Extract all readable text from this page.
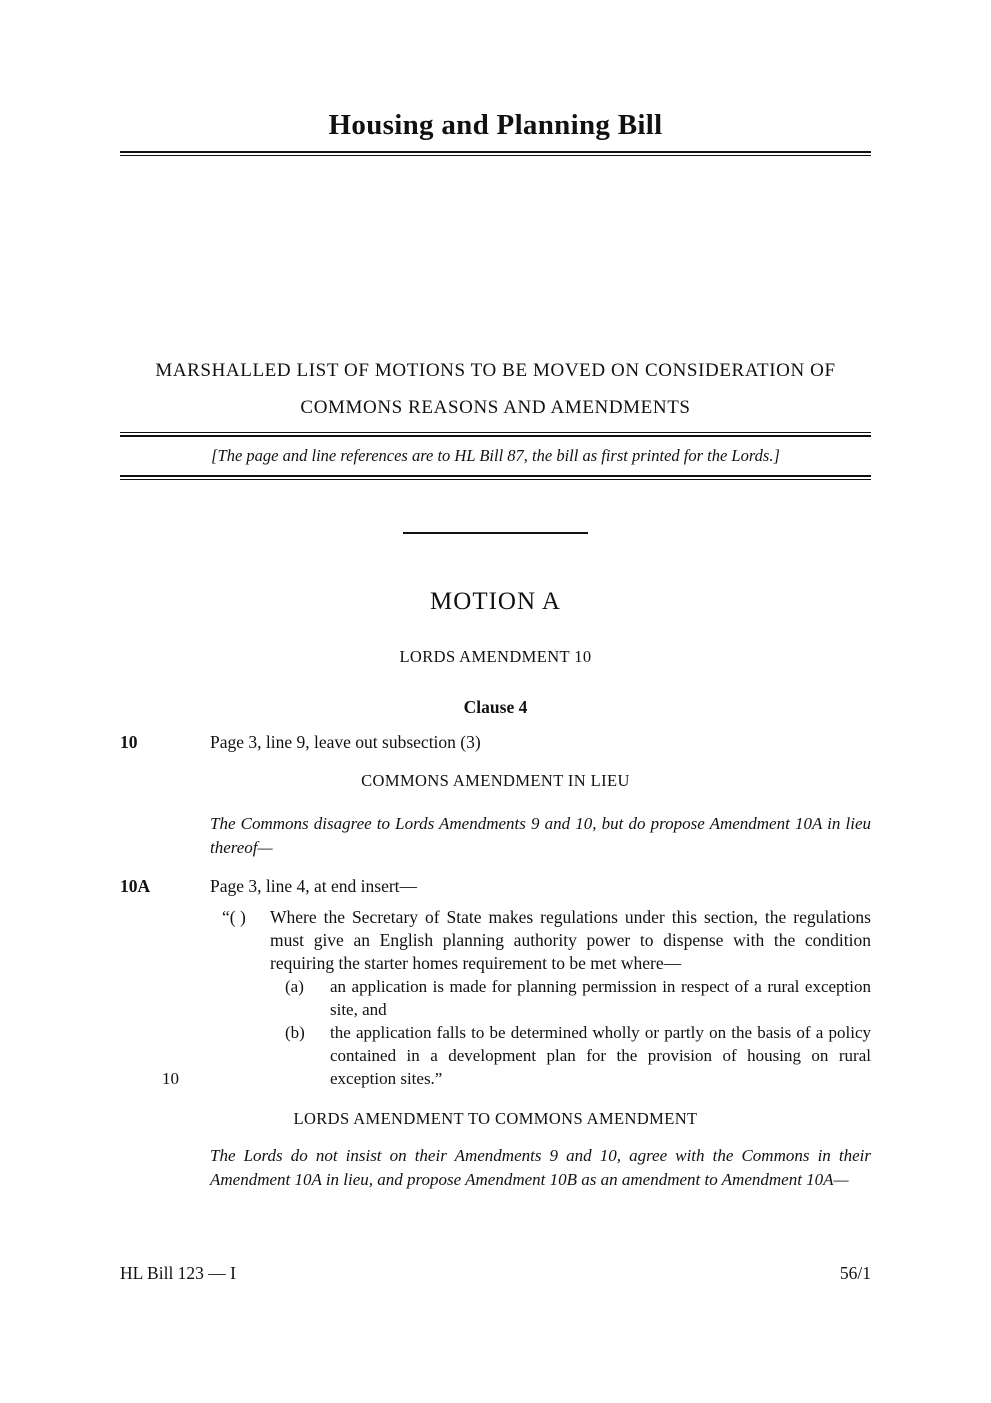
Housing and Planning Bill
MARSHALLED LIST OF MOTIONS TO BE MOVED ON CONSIDERATION OF
COMMONS REASONS AND AMENDMENTS
[The page and line references are to HL Bill 87, the bill as first printed for the Lords.]
MOTION A
LORDS AMENDMENT 10
Clause 4
10	Page 3, line 9, leave out subsection (3)
COMMONS AMENDMENT IN LIEU
The Commons disagree to Lords Amendments 9 and 10, but do propose Amendment 10A in lieu thereof—
10A	Page 3, line 4, at end insert—
“( )	Where the Secretary of State makes regulations under this section, the regulations must give an English planning authority power to dispense with the condition requiring the starter homes requirement to be met where—
(a)	an application is made for planning permission in respect of a rural exception site, and
10
(b)	the application falls to be determined wholly or partly on the basis of a policy contained in a development plan for the provision of housing on rural exception sites.”
LORDS AMENDMENT TO COMMONS AMENDMENT
The Lords do not insist on their Amendments 9 and 10, agree with the Commons in their Amendment 10A in lieu, and propose Amendment 10B as an amendment to Amendment 10A—
HL Bill 123 — I	56/1
